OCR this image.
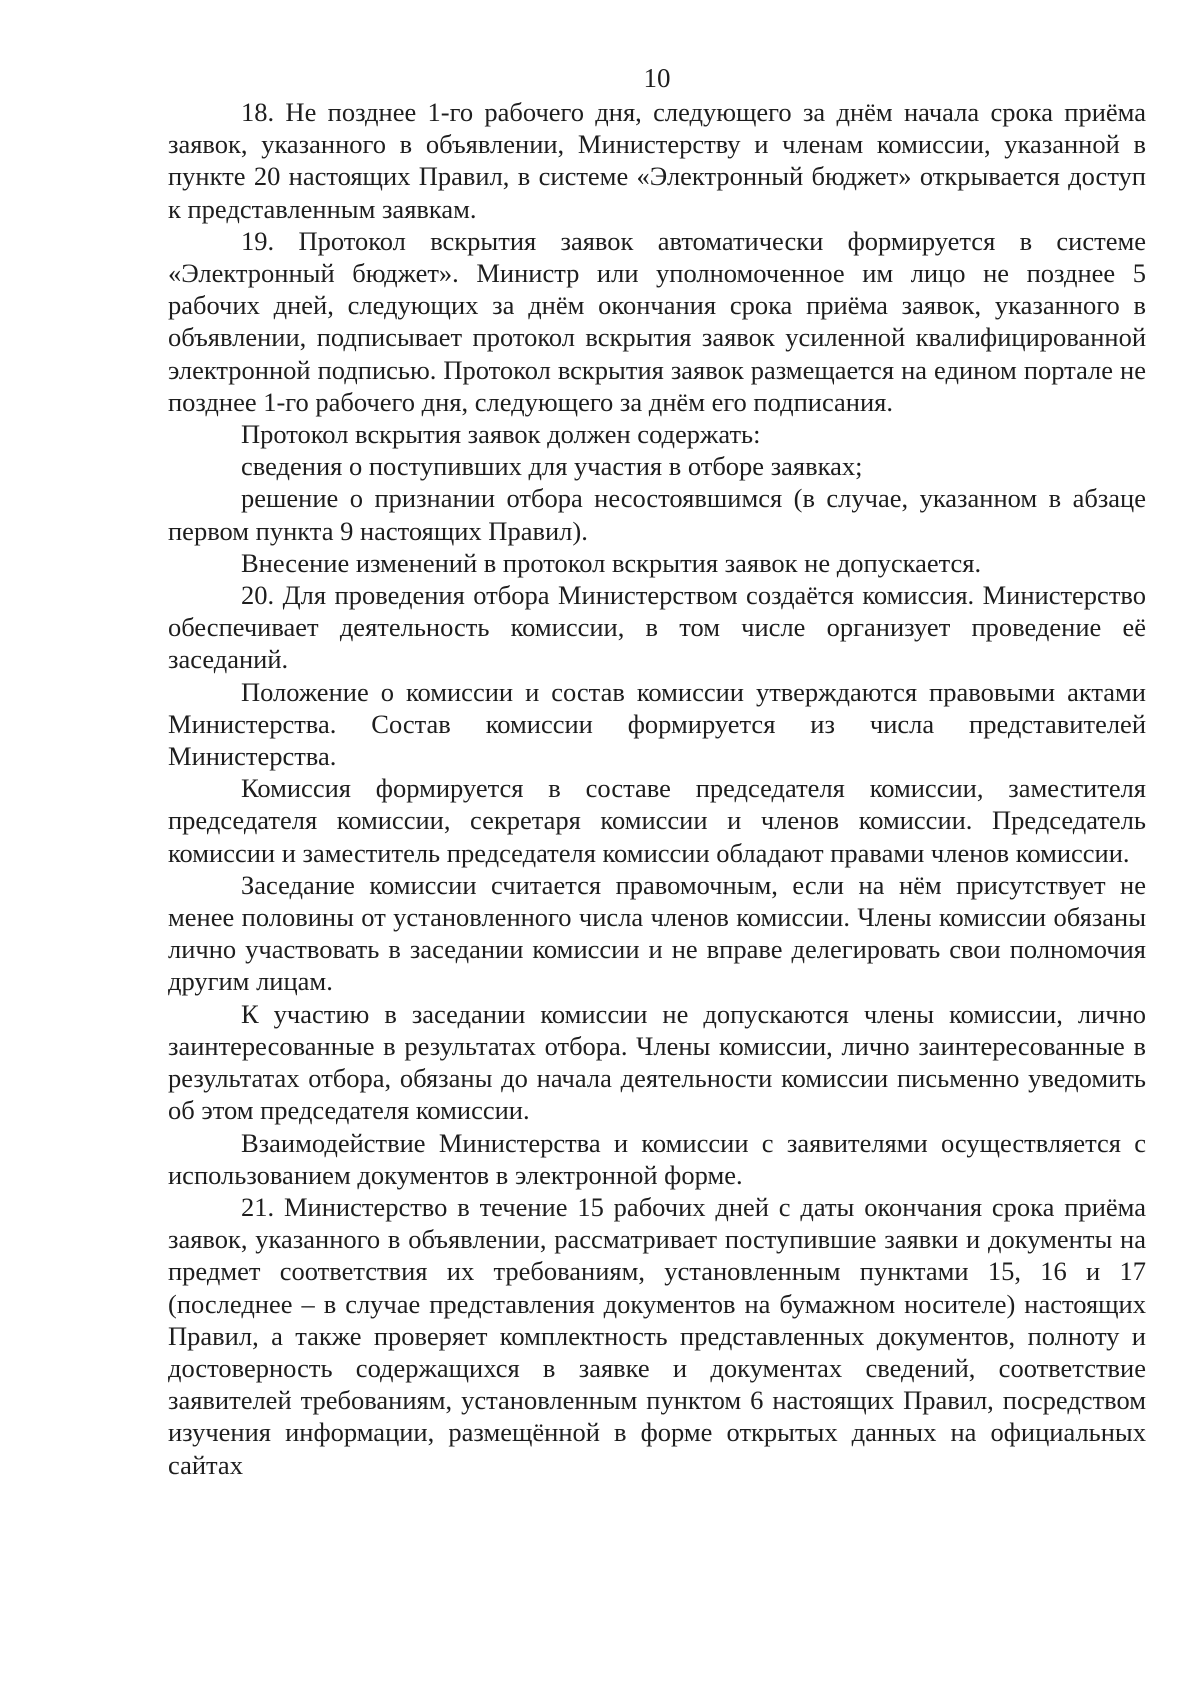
10

18. Не позднее 1-го рабочего дня, следующего за днём начала срока приёма заявок, указанного в объявлении, Министерству и членам комиссии, указанной в пункте 20 настоящих Правил, в системе «Электронный бюджет» открывается доступ к представленным заявкам.

19. Протокол вскрытия заявок автоматически формируется в системе «Электронный бюджет». Министр или уполномоченное им лицо не позднее 5 рабочих дней, следующих за днём окончания срока приёма заявок, указанного в объявлении, подписывает протокол вскрытия заявок усиленной квалифицированной электронной подписью. Протокол вскрытия заявок размещается на едином портале не позднее 1-го рабочего дня, следующего за днём его подписания.

Протокол вскрытия заявок должен содержать:

сведения о поступивших для участия в отборе заявках;

решение о признании отбора несостоявшимся (в случае, указанном в абзаце первом пункта 9 настоящих Правил).

Внесение изменений в протокол вскрытия заявок не допускается.

20. Для проведения отбора Министерством создаётся комиссия. Министерство обеспечивает деятельность комиссии, в том числе организует проведение её заседаний.

Положение о комиссии и состав комиссии утверждаются правовыми актами Министерства. Состав комиссии формируется из числа представителей Министерства.

Комиссия формируется в составе председателя комиссии, заместителя председателя комиссии, секретаря комиссии и членов комиссии. Председатель комиссии и заместитель председателя комиссии обладают правами членов комиссии.

Заседание комиссии считается правомочным, если на нём присутствует не менее половины от установленного числа членов комиссии. Члены комиссии обязаны лично участвовать в заседании комиссии и не вправе делегировать свои полномочия другим лицам.

К участию в заседании комиссии не допускаются члены комиссии, лично заинтересованные в результатах отбора. Члены комиссии, лично заинтересованные в результатах отбора, обязаны до начала деятельности комиссии письменно уведомить об этом председателя комиссии.

Взаимодействие Министерства и комиссии с заявителями осуществляется с использованием документов в электронной форме.

21. Министерство в течение 15 рабочих дней с даты окончания срока приёма заявок, указанного в объявлении, рассматривает поступившие заявки и документы на предмет соответствия их требованиям, установленным пунктами 15, 16 и 17 (последнее – в случае представления документов на бумажном носителе) настоящих Правил, а также проверяет комплектность представленных документов, полноту и достоверность содержащихся в заявке и документах сведений, соответствие заявителей требованиям, установленным пунктом 6 настоящих Правил, посредством изучения информации, размещённой в форме открытых данных на официальных сайтах
